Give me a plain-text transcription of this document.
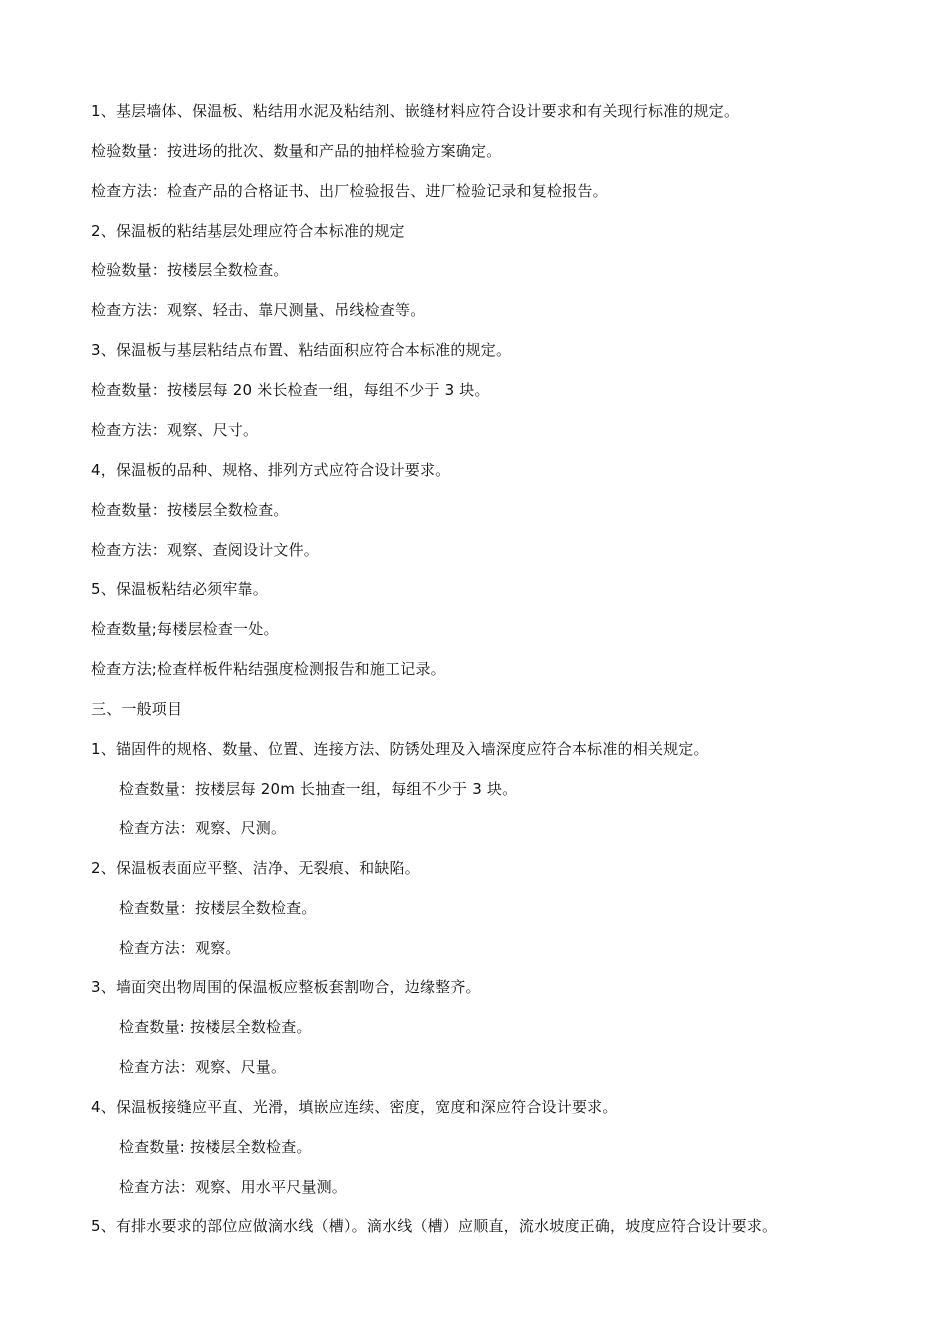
1、基层墙体、保温板、粘结用水泥及粘结剂、嵌缝材料应符合设计要求和有关现行标准的规定。
检验数量：按进场的批次、数量和产品的抽样检验方案确定。
检查方法：检查产品的合格证书、出厂检验报告、进厂检验记录和复检报告。
2、保温板的粘结基层处理应符合本标准的规定
检验数量：按楼层全数检查。
检查方法：观察、轻击、靠尺测量、吊线检查等。
3、保温板与基层粘结点布置、粘结面积应符合本标准的规定。
检查数量：按楼层每 20 米长检查一组，每组不少于 3 块。
检查方法：观察、尺寸。
4，保温板的品种、规格、排列方式应符合设计要求。
检查数量：按楼层全数检查。
检查方法：观察、查阅设计文件。
5、保温板粘结必须牢靠。
检查数量;每楼层检查一处。
检查方法;检查样板件粘结强度检测报告和施工记录。
三、一般项目
1、锚固件的规格、数量、位置、连接方法、防锈处理及入墙深度应符合本标准的相关规定。
检查数量：按楼层每 20m 长抽查一组，每组不少于 3 块。
检查方法：观察、尺测。
2、保温板表面应平整、洁净、无裂痕、和缺陷。
检查数量：按楼层全数检查。
检查方法：观察。
3、墙面突出物周围的保温板应整板套割吻合，边缘整齐。
检查数量: 按楼层全数检查。
检查方法：观察、尺量。
4、保温板接缝应平直、光滑，填嵌应连续、密度，宽度和深应符合设计要求。
检查数量: 按楼层全数检查。
检查方法：观察、用水平尺量测。
5、有排水要求的部位应做滴水线（槽）。滴水线（槽）应顺直，流水坡度正确，坡度应符合设计要求。
